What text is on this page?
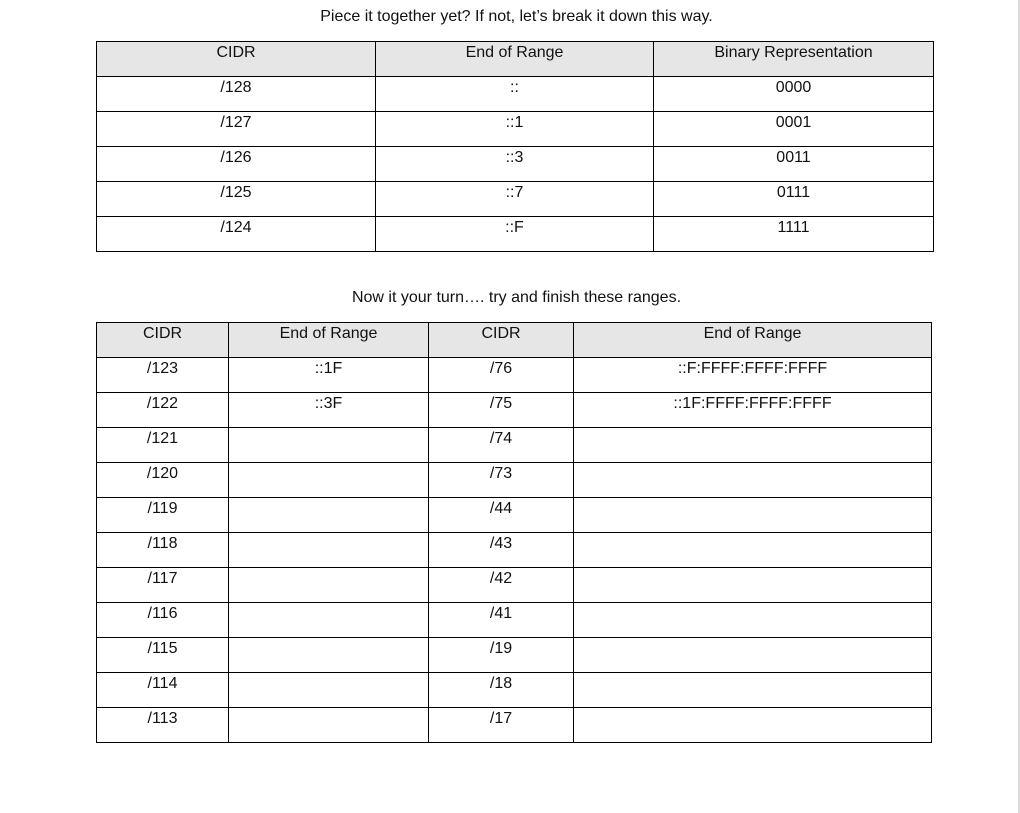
Piece it together yet? If not, let’s break it down this way.
CIDR	End of Range	Binary Representation
/128	::	0000
/127	::1	0001
/126	::3	0011
/125	::7	0111
/124	::F	1111
Now it your turn…. try and finish these ranges.
CIDR	End of Range	CIDR	End of Range
/123	::1F	/76	::F:FFFF:FFFF:FFFF
/122	::3F	/75	::1F:FFFF:FFFF:FFFF
/121		/74	
/120		/73	
/119		/44	
/118		/43	
/117		/42	
/116		/41	
/115		/19	
/114		/18	
/113		/17	
